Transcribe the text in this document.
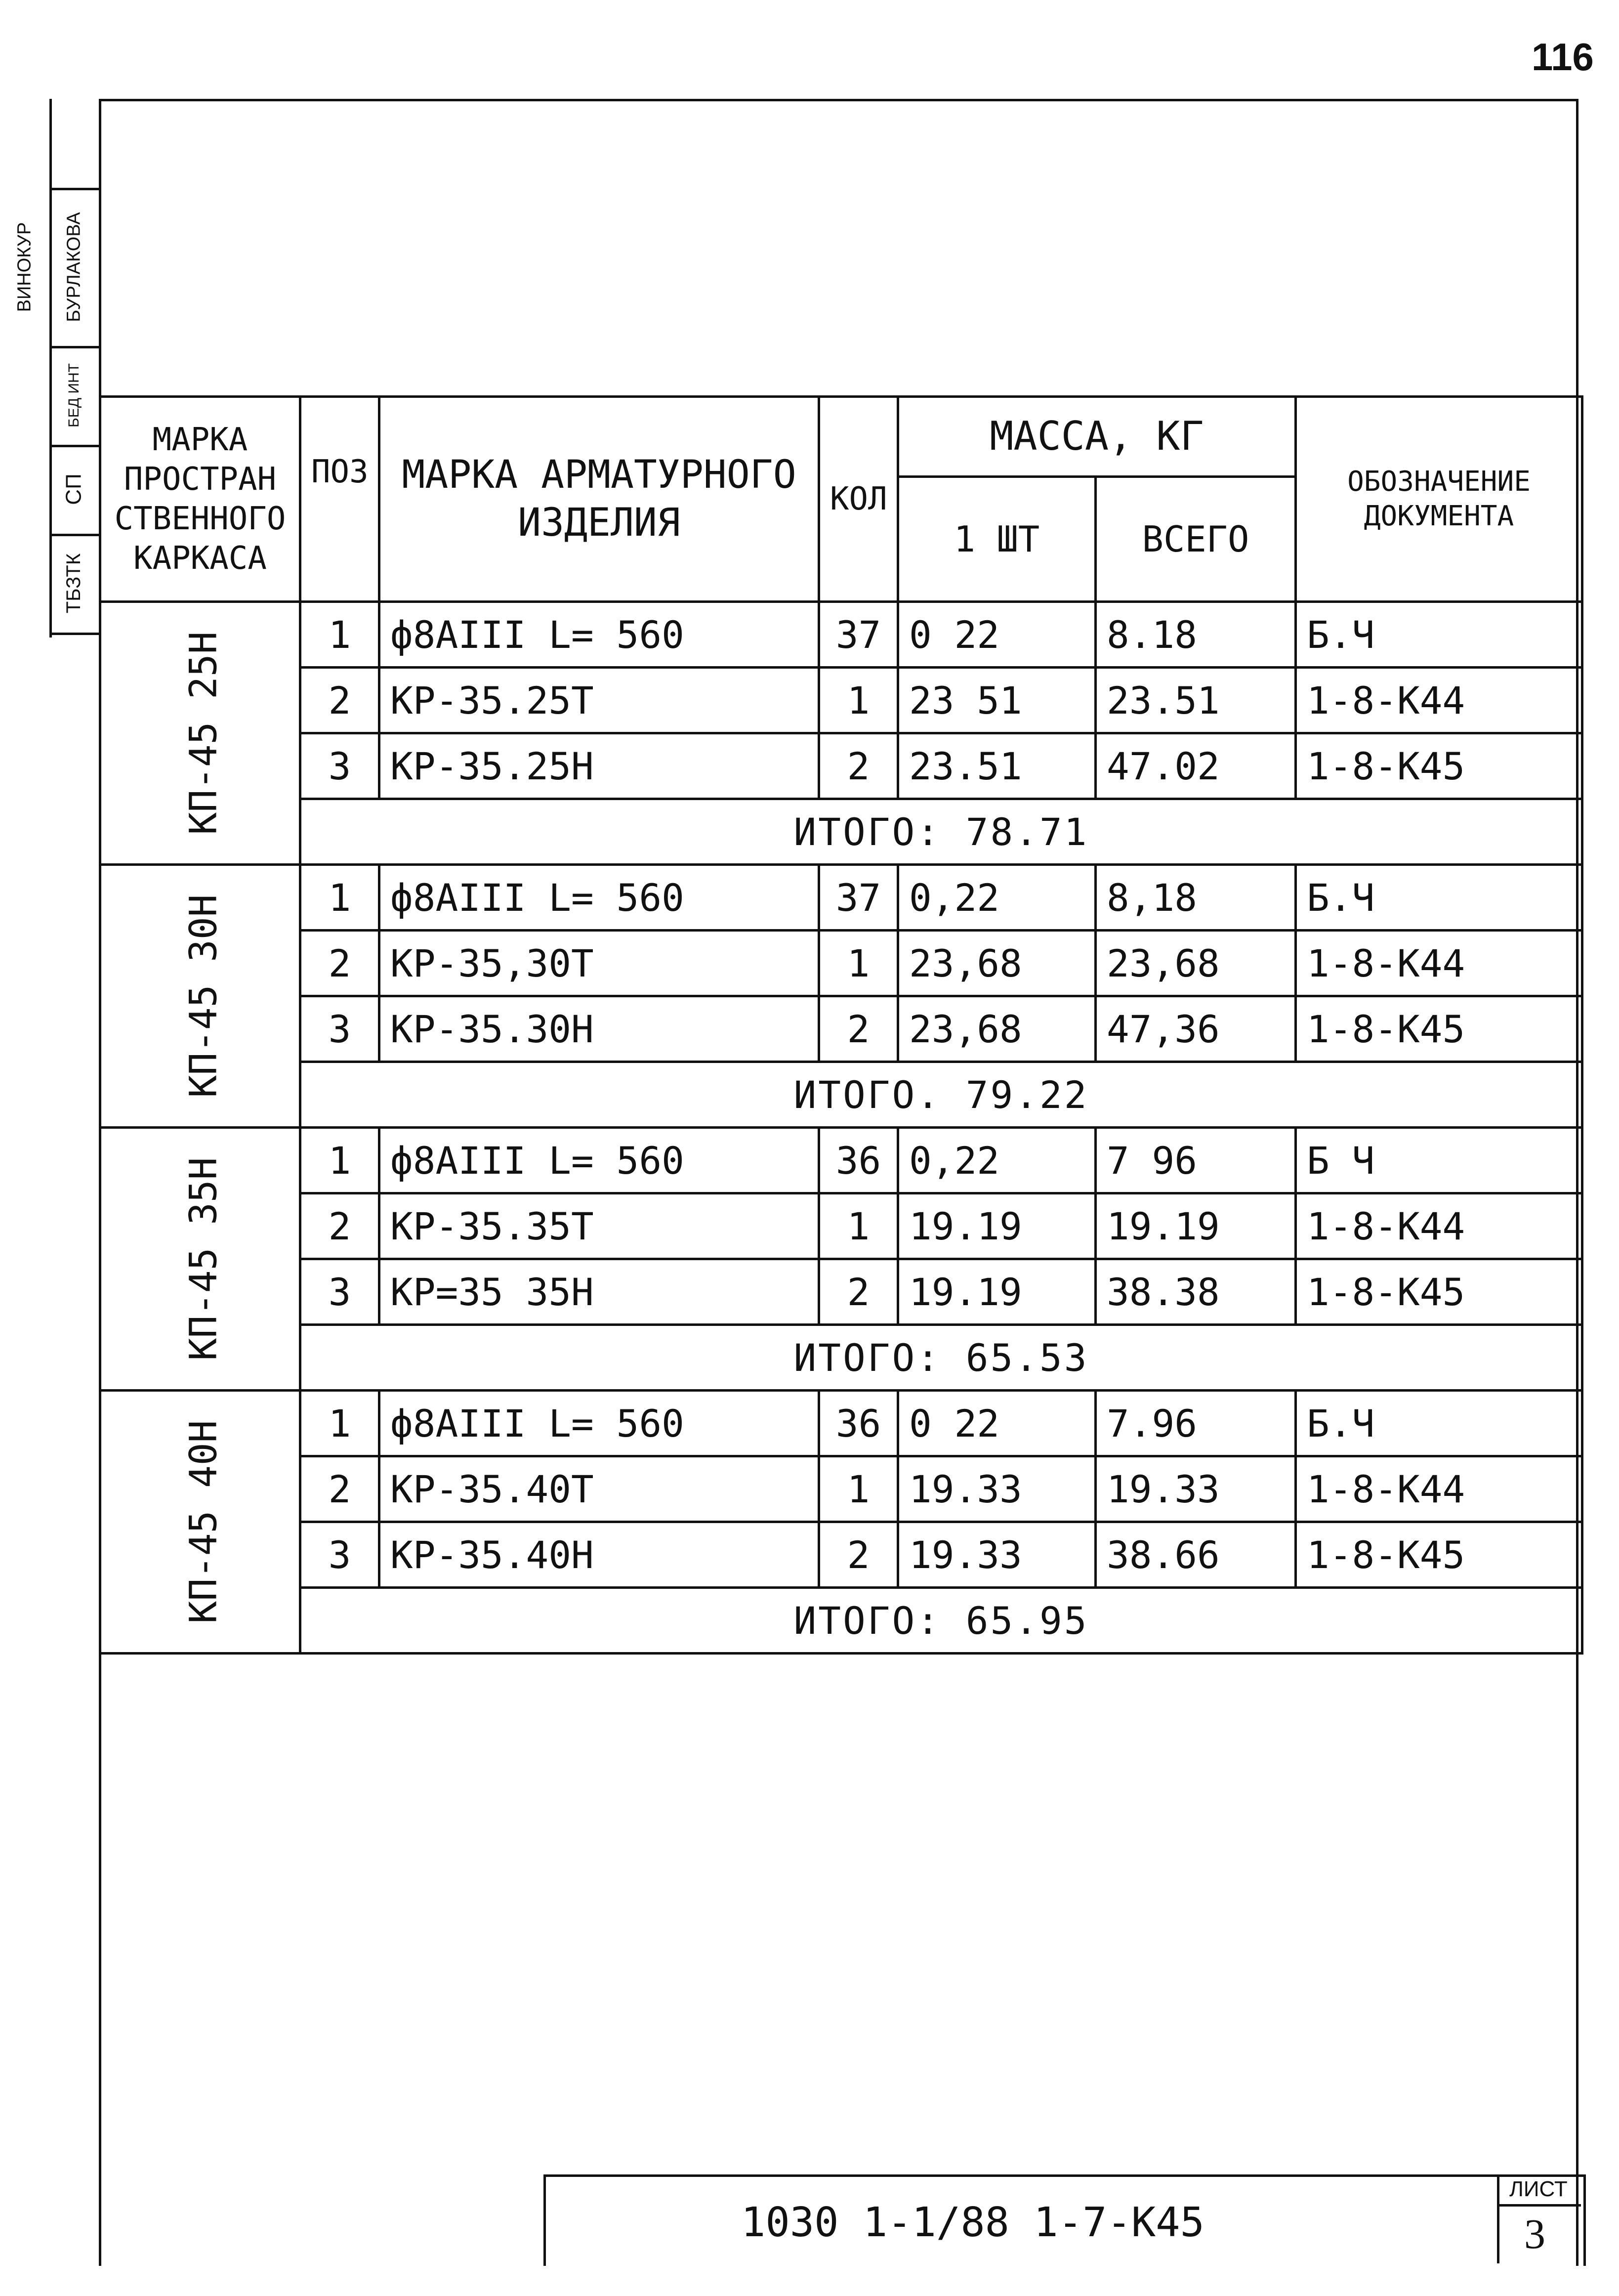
116
ВИНОКУР БУРЛАКОВА
БЕД ИНТ
СП
ТБЗТК
МАРКА ПРОСТРАН СТВЕННОГО КАРКАСА	ПОЗ	МАРКА АРМАТУРНОГО ИЗДЕЛИЯ	КОЛ	МАССА, КГ		ОБОЗНАЧЕНИЕ ДОКУМЕНТА
				1 ШТ	ВСЕГО	
КП-45 25Н	1	ф8АIII L= 560	37	0 22	8.18	Б.Ч
	2	КР-35.25Т	1	23 51	23.51	1-8-К44
	3	КР-35.25Н	2	23.51	47.02	1-8-К45
	ИТОГО: 78.71					
КП-45 30Н	1	ф8АIII L= 560	37	0,22	8,18	Б.Ч
	2	КР-35,30Т	1	23,68	23,68	1-8-К44
	3	КР-35.30Н	2	23,68	47,36	1-8-К45
	ИТОГО. 79.22					
КП-45 35Н	1	ф8АIII L= 560	36	0,22	7 96	Б Ч
	2	КР-35.35Т	1	19.19	19.19	1-8-К44
	3	КР=35 35Н	2	19.19	38.38	1-8-К45
	ИТОГО: 65.53					
КП-45 40Н	1	ф8АIII L= 560	36	0 22	7.96	Б.Ч
	2	КР-35.40Т	1	19.33	19.33	1-8-К44
	3	КР-35.40Н	2	19.33	38.66	1-8-К45
	ИТОГО: 65.95					
1030 1-1/88 1-7-К45
ЛИСТ
3
